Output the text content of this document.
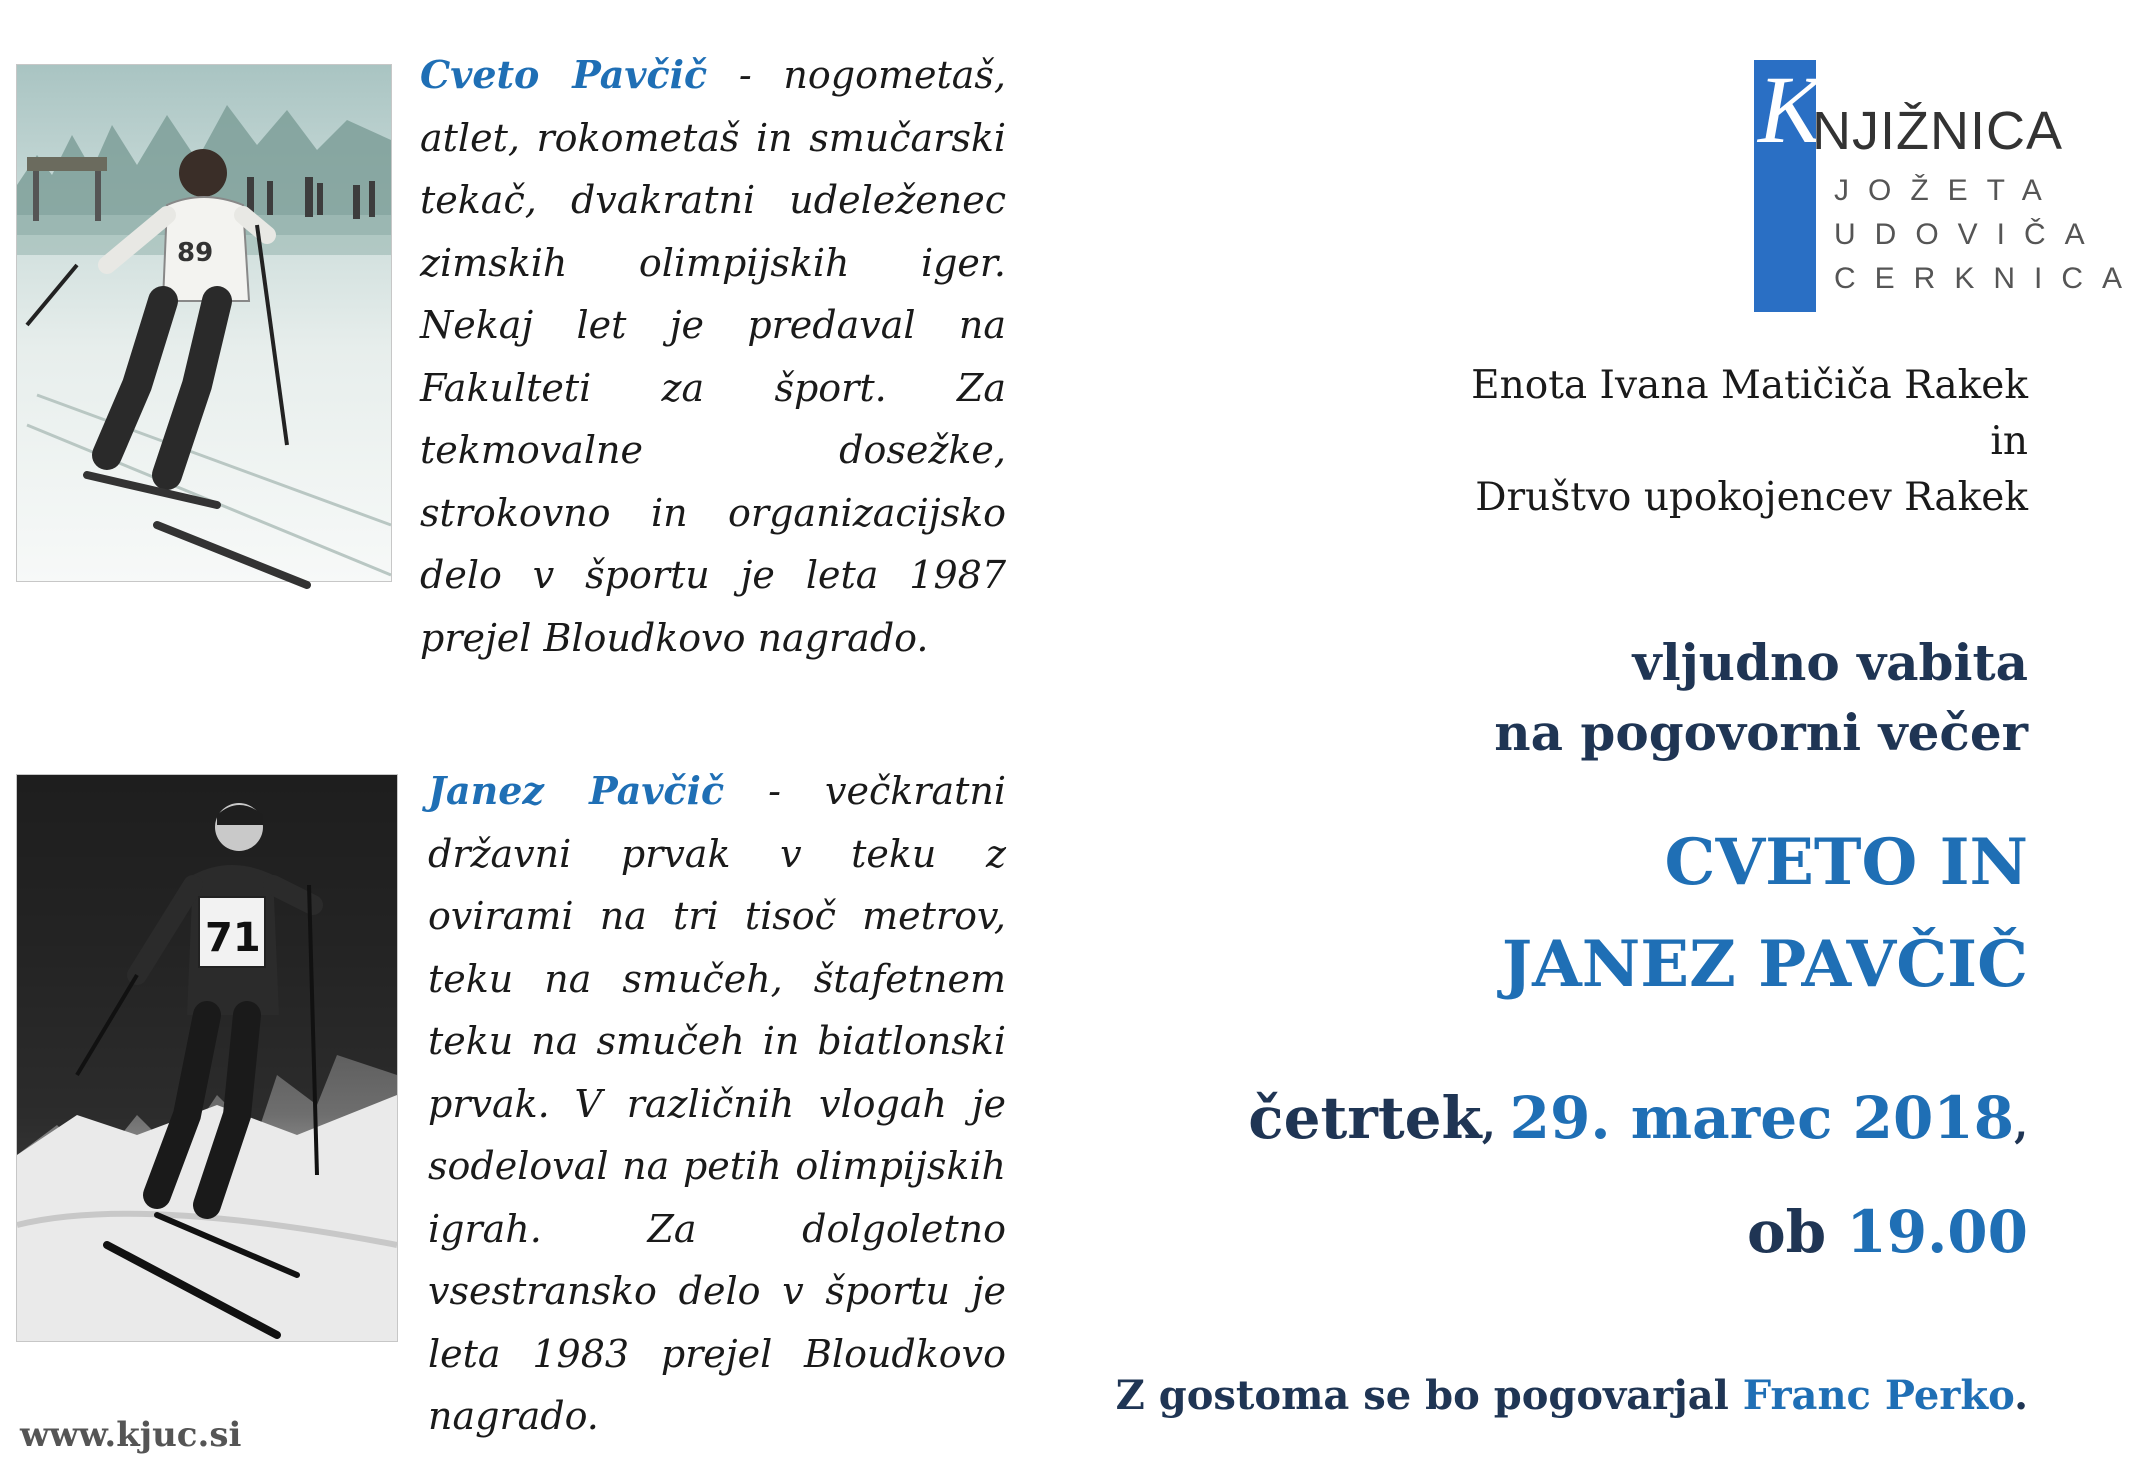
89
Cveto Pavčič - nogometaš, atlet, rokometaš in smučarski tekač, dvakratni udeleženec zimskih olimpijskih iger. Nekaj let je predaval na Fakulteti za šport. Za tekmovalne dosežke, strokovno in organizacijsko delo v športu je leta 1987 prejel Bloudkovo nagrado.
71
Janez Pavčič - večkratni državni prvak v teku z ovirami na tri tisoč metrov, teku na smučeh, štafetnem teku na smučeh in biatlonski prvak. V različnih vlogah je sodeloval na petih olimpijskih igrah. Za dolgoletno vsestransko delo v športu je leta 1983 prejel Bloudkovo nagrado.
K
NJIŽNICA
JOŽETA
UDOVIČA
CERKNICA

Enota Ivana Matičiča Rakek

in

Društvo upokojencev Rakek

vljudno vabita

na pogovorni večer

CVETO IN

JANEZ PAVČIČ

četrtek, 29. marec 2018,

ob 19.00

Z gostoma se bo pogovarjal Franc Perko.

www.kjuc.si
